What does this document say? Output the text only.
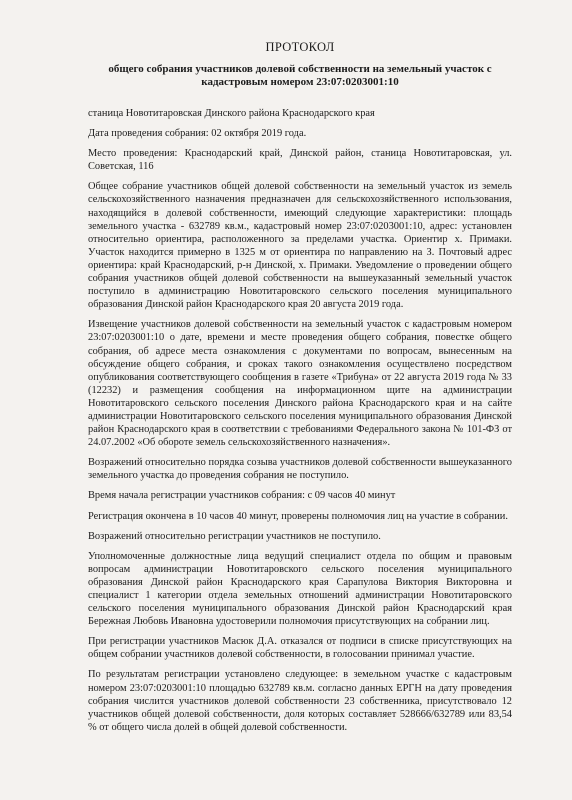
ПРОТОКОЛ
общего собрания участников долевой собственности на земельный участок с кадастровым номером 23:07:0203001:10
станица Новотитаровская Динского района Краснодарского края
Дата проведения собрания: 02 октября 2019 года.
Место проведения: Краснодарский край, Динской район, станица Новотитаровская, ул. Советская, 116
Общее собрание участников общей долевой собственности на земельный участок из земель сельскохозяйственного назначения предназначен для сельскохозяйственного использования, находящийся в долевой собственности, имеющий следующие характеристики: площадь земельного участка - 632789 кв.м., кадастровый номер 23:07:0203001:10, адрес: установлен относительно ориентира, расположенного за пределами участка. Ориентир х. Примаки. Участок находится примерно в 1325 м от ориентира по направлению на З. Почтовый адрес ориентира: край Краснодарский, р-н Динской, х. Примаки. Уведомление о проведении общего собрания участников общей долевой собственности на вышеуказанный земельный участок поступило в администрацию Новотитаровского сельского поселения муниципального образования Динской район Краснодарского края 20 августа 2019 года.
Извещение участников долевой собственности на земельный участок с кадастровым номером 23:07:0203001:10 о дате, времени и месте проведения общего собрания, повестке общего собрания, об адресе места ознакомления с документами по вопросам, вынесенным на обсуждение общего собрания, и сроках такого ознакомления осуществлено посредством опубликования соответствующего сообщения в газете «Трибуна» от 22 августа 2019 года № 33 (12232) и размещения сообщения на информационном щите на администрации Новотитаровского сельского поселения Динского района Краснодарского края и на сайте администрации Новотитаровского сельского поселения муниципального образования Динской район Краснодарского края в соответствии с требованиями Федерального закона № 101-ФЗ от 24.07.2002 «Об обороте земель сельскохозяйственного назначения».
Возражений относительно порядка созыва участников долевой собственности вышеуказанного земельного участка до проведения собрания не поступило.
Время начала регистрации участников собрания: с 09 часов 40 минут
Регистрация окончена в 10 часов 40 минут, проверены полномочия лиц на участие в собрании.
Возражений относительно регистрации участников не поступило.
Уполномоченные должностные лица ведущий специалист отдела по общим и правовым вопросам администрации Новотитаровского сельского поселения муниципального образования Динской район Краснодарского края Сарапулова Виктория Викторовна и специалист 1 категории отдела земельных отношений администрации Новотитаровского сельского поселения муниципального образования Динской район Краснодарский края Бережная Любовь Ивановна удостоверили полномочия присутствующих на собрании лиц.
При регистрации участников Масюк Д.А. отказался от подписи в списке присутствующих на общем собрании участников долевой собственности, в голосовании принимал участие.
По результатам регистрации установлено следующее: в земельном участке с кадастровым номером 23:07:0203001:10 площадью 632789 кв.м. согласно данных ЕРГН на дату проведения собрания числится участников долевой собственности 23 собственника, присутствовало 12 участников общей долевой собственности, доля которых составляет 528666/632789 или 83,54 % от общего числа долей в общей долевой собственности.
